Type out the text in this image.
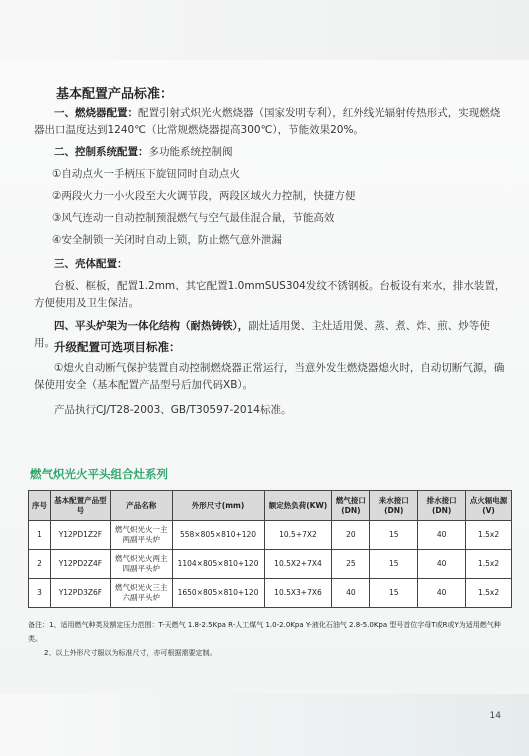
基本配置产品标准：
一、燃烧器配置：配置引射式炽光火燃烧器（国家发明专利），红外线光辐射传热形式，实现燃烧器出口温度达到1240℃（比常规燃烧器提高300℃），节能效果20%。
二、控制系统配置：多功能系统控制阀
①自动点火一手柄压下旋钮同时自动点火
②两段火力一小火段至大火调节段，两段区域火力控制，快捷方便
③风气连动一自动控制预混燃气与空气最佳混合量，节能高效
④安全制锁一关闭时自动上锁，防止燃气意外泄漏
三、壳体配置：
台板、框板，配置1.2mm、其它配置1.0mmSUS304发纹不锈钢板。台板设有来水，排水装置，方便使用及卫生保洁。
四、平头炉架为一体化结构（耐热铸铁），副灶适用煲、主灶适用煲、蒸、煮、炸、煎、炒等使用。 升级配置可选项目标准：
①熄火自动断气保护装置自动控制燃烧器正常运行，当意外发生燃烧器熄火时，自动切断气源，确保使用安全（基本配置产品型号后加代码XB）。
产品执行CJ/T28-2003、GB/T30597-2014标准。
燃气炽光火平头组合灶系列
序号	基本配置产品型号	产品名称	外形尺寸(mm)	额定热负荷(KW)	燃气接口(DN)	来水接口(DN)	排水接口(DN)	点火辐电源(V)
1	Y12PD1Z2F	燃气炽光火一主两副平头炉	558×805×810+120	10.5+7X2	20	15	40	1.5x2
2	Y12PD2Z4F	燃气炽光火两主四副平头炉	1104×805×810+120	10.5X2+7X4	25	15	40	1.5x2
3	Y12PD3Z6F	燃气炽光火三主六副平头炉	1650×805×810+120	10.5X3+7X6	40	15	40	1.5x2
备注：1、适用燃气种类及额定压力范围：T-天燃气 1.8-2.5Kpa R-人工煤气 1.0-2.0Kpa Y-液化石油气 2.8-5.0Kpa 型号首位字母T或R或Y为适用燃气种类。
2、以上外形尺寸服以为标准尺寸，亦可根据需要定制。
14
